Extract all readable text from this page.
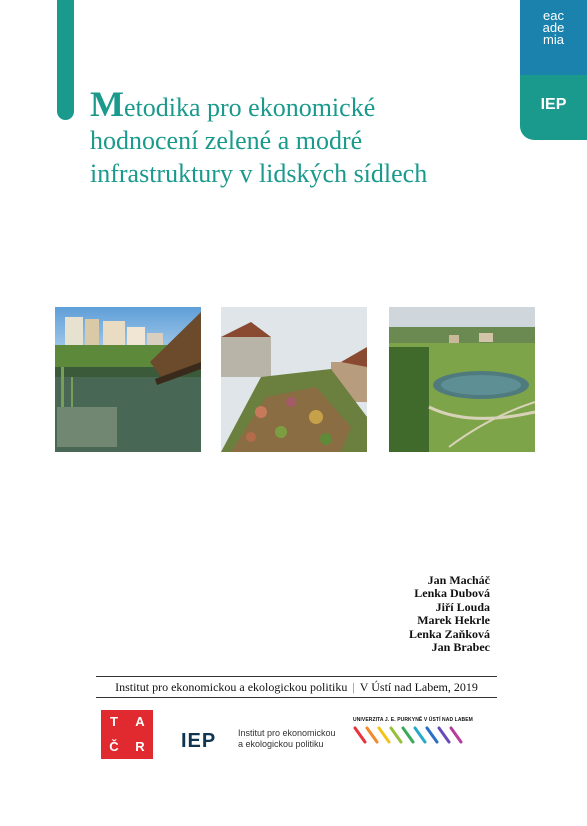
Metodika pro ekonomické
hodnocení zelené a modré
infrastruktury v lidských sídlech
eac
ade
mia
IEP
Jan Macháč
Lenka Dubová
Jiří Louda
Marek Hekrle
Lenka Zaňková
Jan Brabec
Institut pro ekonomickou a ekologickou politiku | V Ústí nad Labem, 2019
T	A
Č	R	IEP Institut pro ekonomickou
a ekologickou politiku
UNIVERZITA J. E. PURKYNĚ V ÚSTÍ NAD LABEM
